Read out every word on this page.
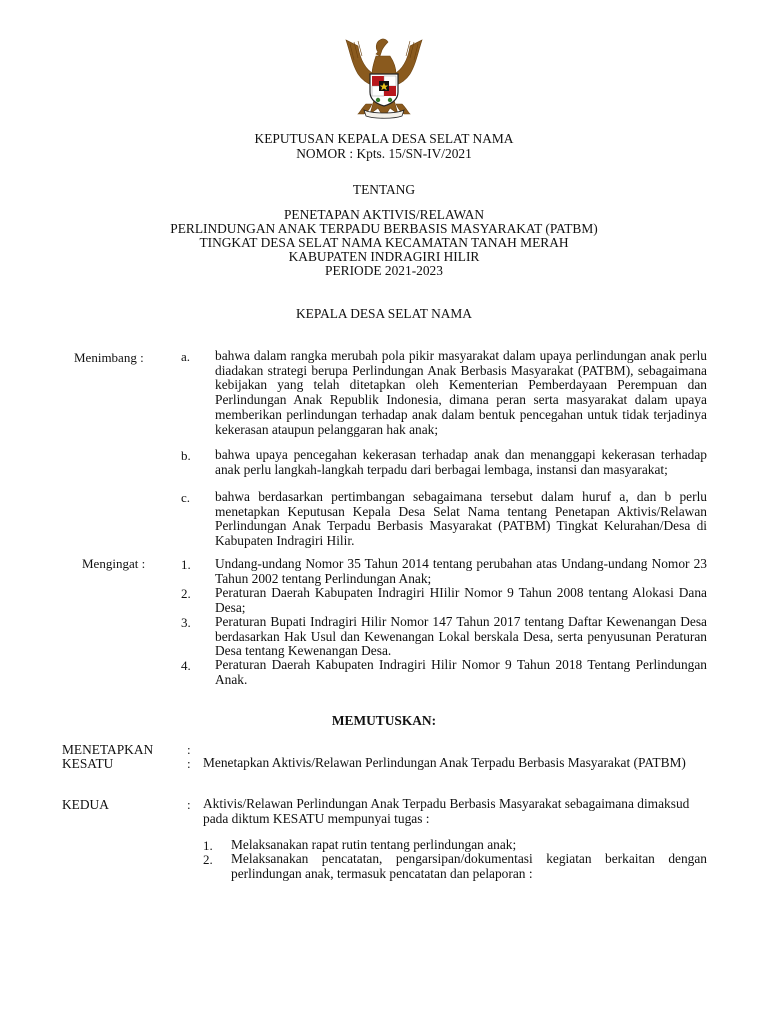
KEPUTUSAN KEPALA DESA SELAT NAMA
NOMOR : Kpts. 15/SN-IV/2021
TENTANG
PENETAPAN AKTIVIS/RELAWAN
PERLINDUNGAN ANAK TERPADU BERBASIS MASYARAKAT (PATBM)
TINGKAT DESA SELAT NAMA KECAMATAN TANAH MERAH
KABUPATEN INDRAGIRI HILIR
PERIODE 2021-2023
KEPALA DESA SELAT NAMA
Menimbang :	a. bahwa dalam rangka merubah pola pikir masyarakat dalam upaya perlindungan anak perlu diadakan strategi berupa Perlindungan Anak Berbasis Masyarakat (PATBM), sebagaimana kebijakan yang telah ditetapkan oleh Kementerian Pemberdayaan Perempuan dan Perlindungan Anak Republik Indonesia, dimana peran serta masyarakat dalam upaya memberikan perlindungan terhadap anak dalam bentuk pencegahan untuk tidak terjadinya kekerasan ataupun pelanggaran hak anak;
b. bahwa upaya pencegahan kekerasan terhadap anak dan menanggapi kekerasan terhadap anak perlu langkah-langkah terpadu dari berbagai lembaga, instansi dan masyarakat;
c. bahwa berdasarkan pertimbangan sebagaimana tersebut dalam huruf a, dan b perlu menetapkan Keputusan Kepala Desa Selat Nama tentang Penetapan Aktivis/Relawan Perlindungan Anak Terpadu Berbasis Masyarakat (PATBM) Tingkat Kelurahan/Desa di Kabupaten Indragiri Hilir.
Mengingat :	1. Undang-undang Nomor 35 Tahun 2014 tentang perubahan atas Undang-undang Nomor 23 Tahun 2002 tentang Perlindungan Anak;
2. Peraturan Daerah Kabupaten Indragiri HIilir Nomor 9 Tahun 2008 tentang Alokasi Dana Desa;
3. Peraturan Bupati Indragiri Hilir Nomor 147 Tahun 2017 tentang Daftar Kewenangan Desa berdasarkan Hak Usul dan Kewenangan Lokal berskala Desa, serta penyusunan Peraturan Desa tentang Kewenangan Desa.
4. Peraturan Daerah Kabupaten Indragiri Hilir Nomor 9 Tahun 2018 Tentang Perlindungan Anak.
MEMUTUSKAN:
MENETAPKAN	:
KESATU	: Menetapkan Aktivis/Relawan Perlindungan Anak Terpadu Berbasis Masyarakat (PATBM)
KEDUA	: Aktivis/Relawan Perlindungan Anak Terpadu Berbasis Masyarakat sebagaimana dimaksud pada diktum KESATU mempunyai tugas :
1. Melaksanakan rapat rutin tentang perlindungan anak;
2. Melaksanakan pencatatan, pengarsipan/dokumentasi kegiatan berkaitan dengan perlindungan anak, termasuk pencatatan dan pelaporan :
